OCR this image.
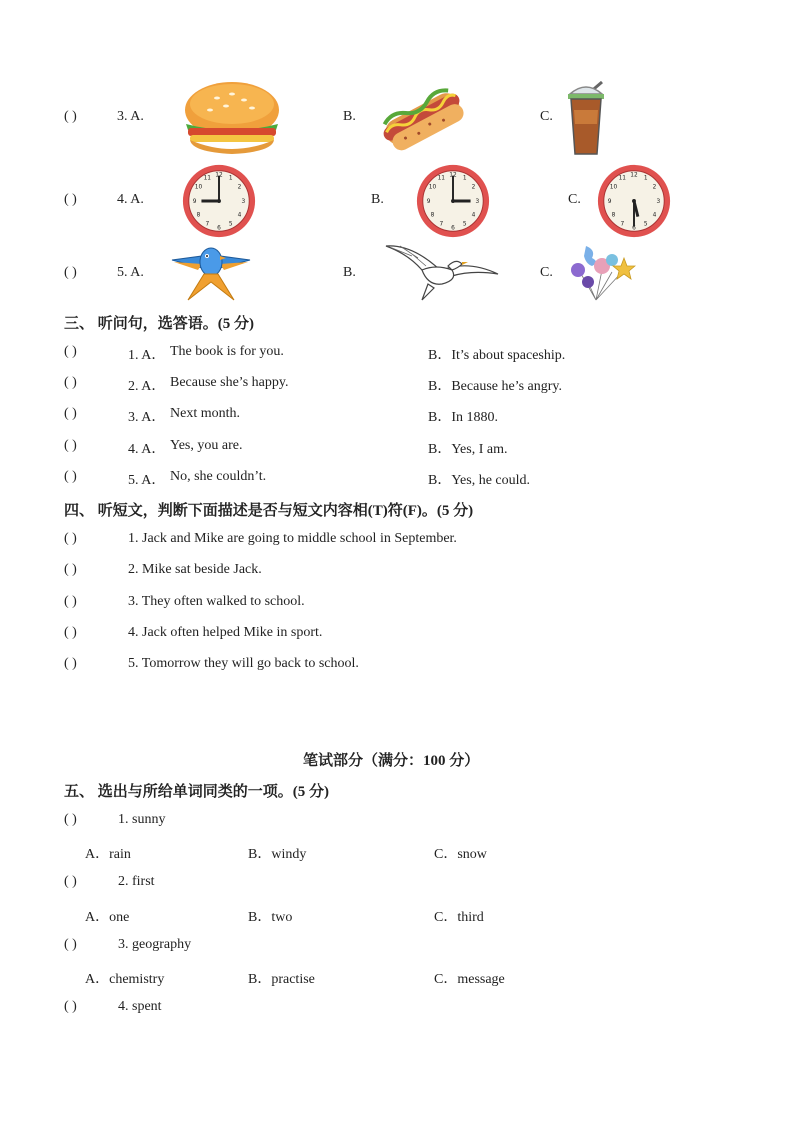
( )	3. A.	B.	C.
( )	4. A.	B.	C.
( )	5. A.	B.	C.
三、 听问句，选答语。(5 分)
( )	1. A． The book is for you.	B．It’s about spaceship.
( )	2. A． Because she’s happy.	B．Because he’s angry.
( )	3. A． Next month.	B．In 1880.
( )	4. A． Yes, you are.	B．Yes, I am.
( )	5. A． No, she couldn’t.	B．Yes, he could.
四、 听短文，判断下面描述是否与短文内容相(T)符(F)。(5 分)
( )	1. Jack and Mike are going to middle school in September.
( )	2. Mike sat beside Jack.
( )	3. They often walked to school.
( )	4. Jack often helped Mike in sport.
( )	5. Tomorrow they will go back to school.
笔试部分（满分：100 分）
五、 选出与所给单词同类的一项。(5 分)
( )	1. sunny
A．rain	B．windy	C．snow
( )	2. first
A．one	B．two	C．third
( )	3. geography
A．chemistry	B．practise	C．message
( )	4. spent
